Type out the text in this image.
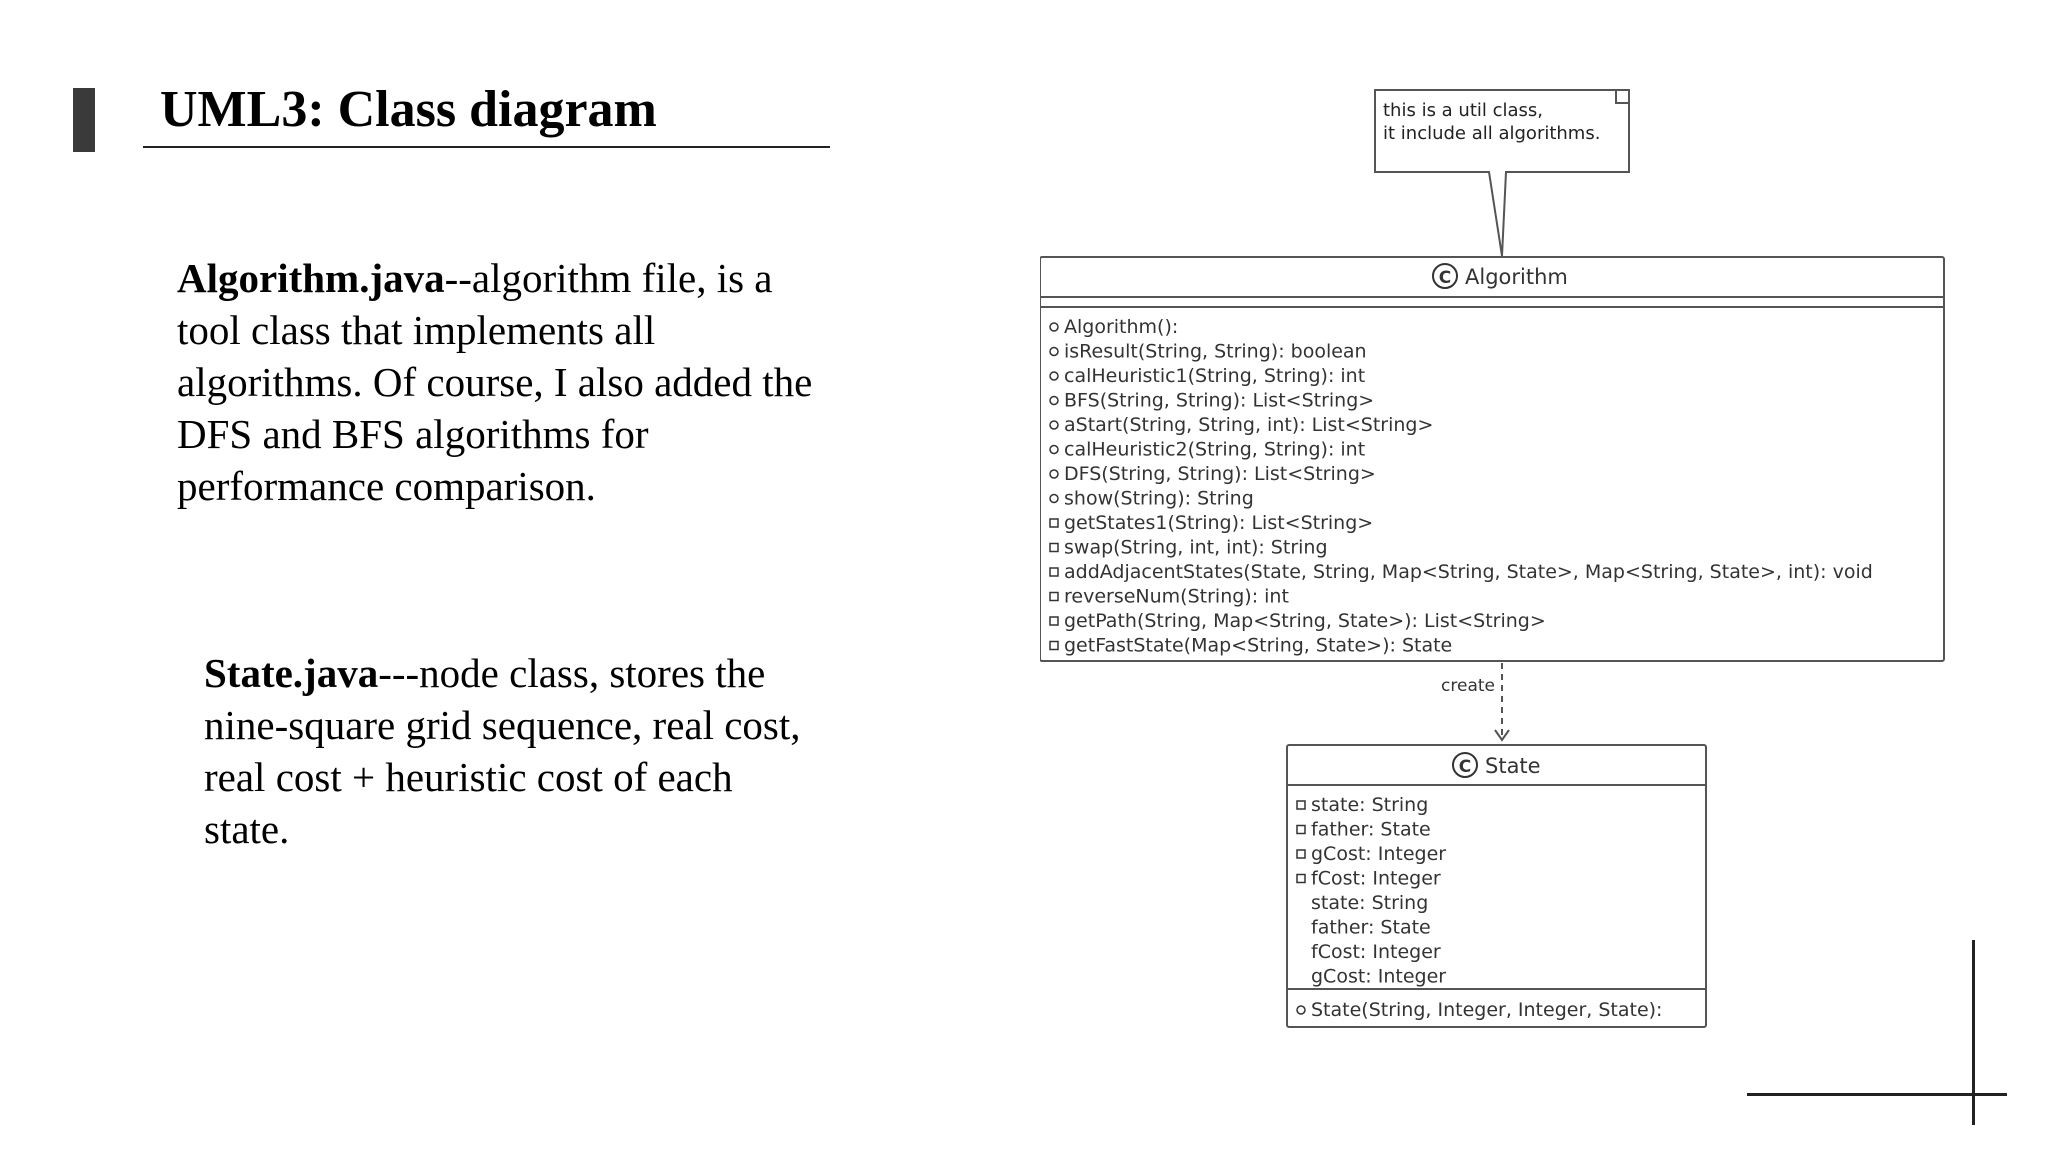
UML3: Class diagram
Algorithm.java--algorithm file, is a tool class that implements all algorithms. Of course, I also added the DFS and BFS algorithms for performance comparison.
State.java---node class, stores the nine-square grid sequence, real cost, real cost + heuristic cost of each state.
this is a util class,
it include all algorithms.
C Algorithm
Algorithm():
isResult(String, String): boolean
calHeuristic1(String, String): int
BFS(String, String): List<String>
aStart(String, String, int): List<String>
calHeuristic2(String, String): int
DFS(String, String): List<String>
show(String): String
getStates1(String): List<String>
swap(String, int, int): String
addAdjacentStates(State, String, Map<String, State>, Map<String, State>, int): void
reverseNum(String): int
getPath(String, Map<String, State>): List<String>
getFastState(Map<String, State>): State
create
C State
state: String
father: State
gCost: Integer
fCost: Integer
state: String
father: State
fCost: Integer
gCost: Integer
State(String, Integer, Integer, State):
